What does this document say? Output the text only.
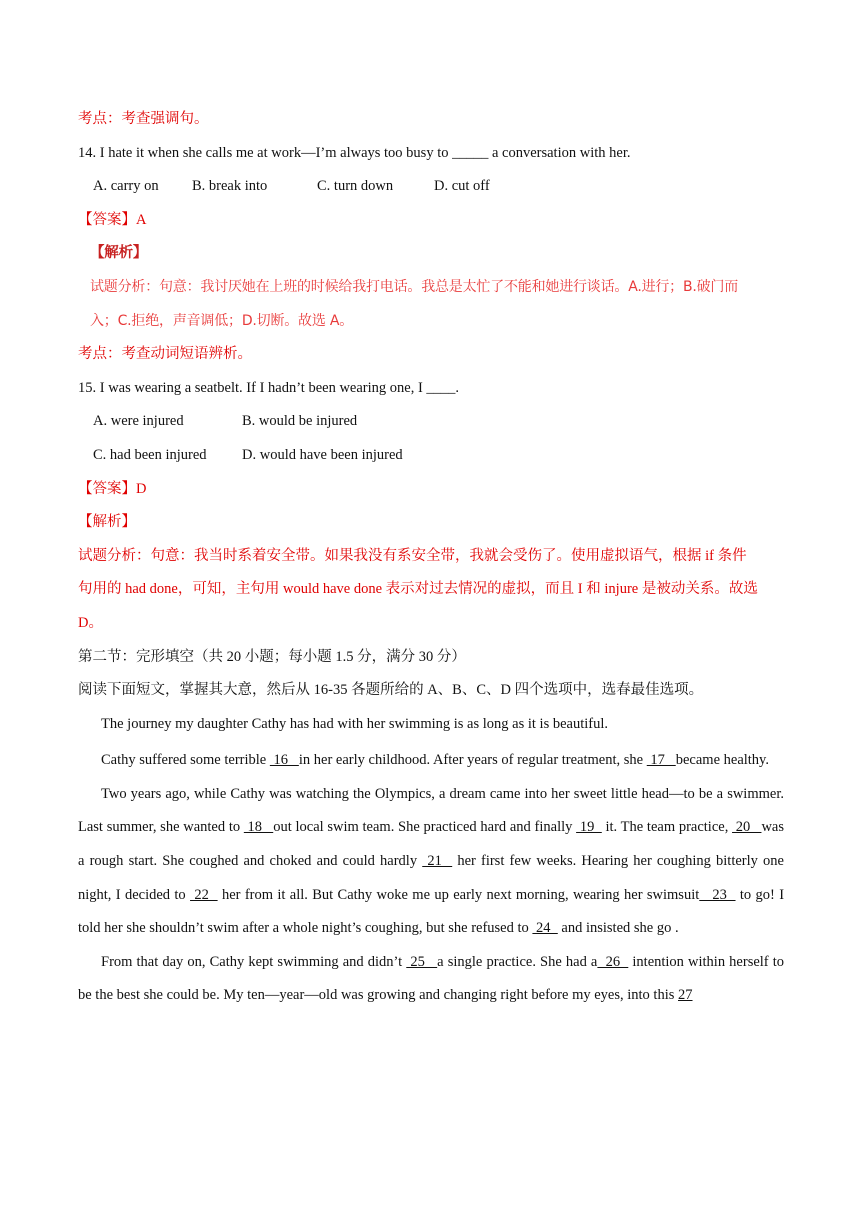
考点：考查强调句。
14. I hate it when she calls me at work—I’m always too busy to _____ a conversation with her.
A. carry on B. break into	C. turn down	D. cut off
【答案】A
【解析】
试题分析：句意：我讨厌她在上班的时候给我打电话。我总是太忙了不能和她进行谈话。A.进行；B.破门而
入；C.拒绝，声音调低；D.切断。故选 A。
考点：考查动词短语辨析。
15. I was wearing a seatbelt. If I hadn’t been wearing one, I ____.
A. were injured	B. would be injured
C. had been injured D. would have been injured
【答案】D
【解析】
试题分析：句意：我当时系着安全带。如果我没有系安全带，我就会受伤了。使用虚拟语气，根据 if 条件
句用的 had done，可知，主句用 would have done 表示对过去情况的虚拟，而且 I 和 injure 是被动关系。故选
D。
第二节：完形填空（共 20 小题；每小题 1.5 分，满分 30 分）
阅读下面短文，掌握其大意，然后从 16-35 各题所给的 A、B、C、D 四个选项中，选春最佳选项。
The journey my daughter Cathy has had with her swimming is as long as it is beautiful.
Cathy suffered some terrible  16   in her early childhood. After years of regular treatment, she  17   became healthy.
Two years ago, while Cathy was watching the Olympics, a dream came into her sweet little head—to be a swimmer. Last summer, she wanted to  18   out local swim team. She practiced hard and finally  19   it. The team practice,  20   was a rough start. She coughed and choked and could hardly  21   her first few weeks. Hearing her coughing bitterly one night, I decided to  22   her from it all. But Cathy woke me up early next morning, wearing her swimsuit   23   to go! I told her she shouldn’t swim after a whole night’s coughing, but she refused to  24   and insisted she go .
From that day on, Cathy kept swimming and didn’t  25   a single practice. She had a  26   intention within herself to be the best she could be. My ten—year—old was growing and changing right before my eyes, into this 27
